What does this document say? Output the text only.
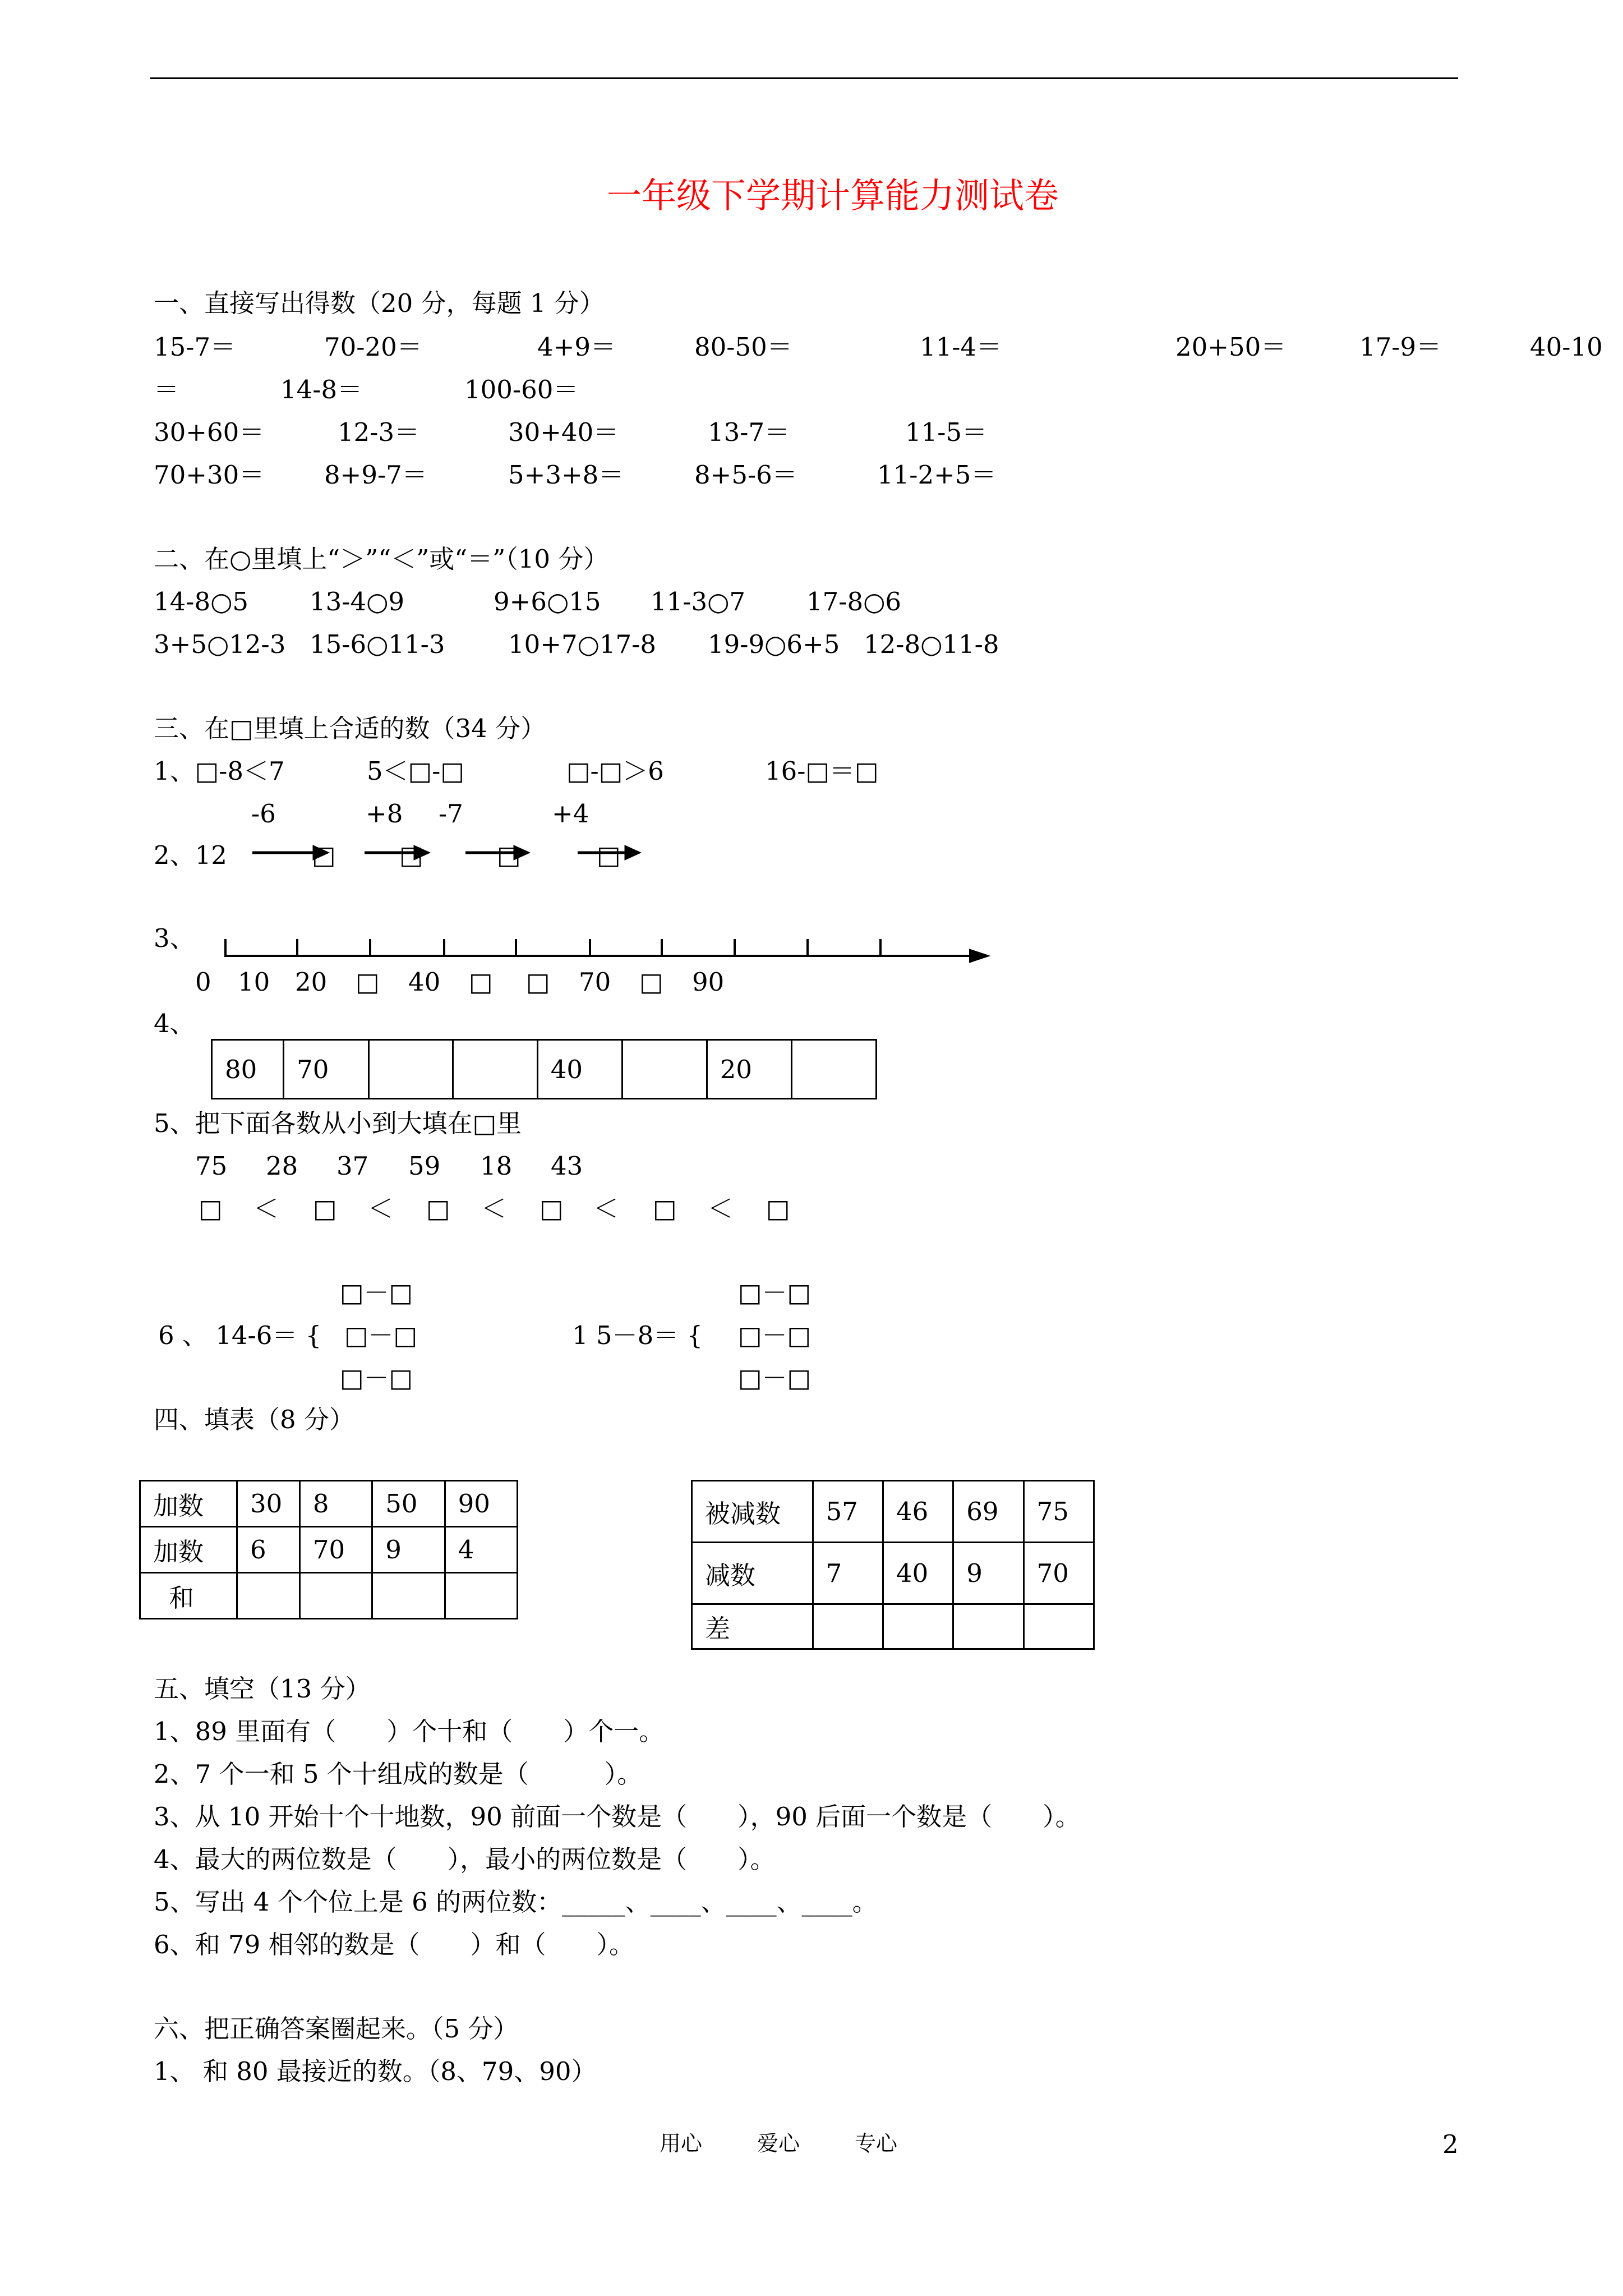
一年级下学期计算能力测试卷
一、直接写出得数（20 分，每题 1 分）
15-7＝	70-20＝	4+9＝	80-50＝	11-4＝	20+50＝	17-9＝	40-10
＝	14-8＝	100-60＝
30+60＝	12-3＝	30+40＝	13-7＝	11-5＝
70+30＝ 8+9-7＝	5+3+8＝	8+5-6＝	11-2+5＝
二、在○里填上“＞”“＜”或“＝”（10 分）
14-8○5 13-4○9	9+6○15 11-3○7 17-8○6
3+5○12-3 15-6○11-3	10+7○17-8 19-9○6+5 12-8○11-8
三、在□里填上合适的数（34 分）
1、□-8＜7	5＜□-□	□-□＞6	16-□＝□
-6	+8 -7	+4
2、12	□	□	□	□
3、
0 10 20 □ 40 □ □ 70 □ 90
4、
80	70			40		20	
5、把下面各数从小到大填在□里
75 28 37 59 18 43
□ ＜ □ ＜ □ ＜ □ ＜ □ ＜ □
□－□	□－□
6 、 14-6＝ { □－□	1 5－8＝ { □－□
□－□	□－□
四、填表（8 分）
加数	30	8	50	90
加数	6	70	9	4
和				
被减数	57	46	69	75
减数	7	40	9	70
差				
五、填空（13 分）
1、89 里面有（　　）个十和（　　）个一。
2、7 个一和 5 个十组成的数是（　　　）。
3、从 10 开始十个十地数，90 前面一个数是（　　），90 后面一个数是（　　）。
4、最大的两位数是（　　），最小的两位数是（　　）。
5、写出 4 个个位上是 6 的两位数：_____、____、____、____。
6、和 79 相邻的数是（　　）和（　　）。
六、把正确答案圈起来。（5 分）
1、 和 80 最接近的数。（8、79、90）
用心	爱心	专心	2
